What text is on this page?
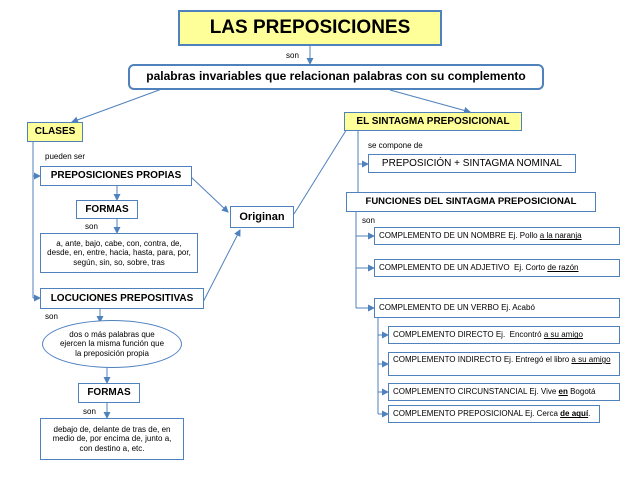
LAS PREPOSICIONES
son
palabras invariables que relacionan palabras con su complemento
CLASES
pueden ser
PREPOSICIONES PROPIAS
FORMAS
son
a, ante, bajo, cabe, con, contra, de, desde, en, entre, hacia, hasta, para, por, según, sin, so, sobre, tras
LOCUCIONES PREPOSITIVAS
son
dos o más palabras que ejercen la misma función que la preposición propia
FORMAS
son
debajo de, delante de tras de, en medio de, por encima de, junto a, con destino a, etc.
Originan
EL SINTAGMA PREPOSICIONAL
se compone de
PREPOSICIÓN + SINTAGMA NOMINAL
FUNCIONES DEL SINTAGMA PREPOSICIONAL
son
COMPLEMENTO DE UN NOMBRE Ej. Pollo a la naranja
COMPLEMENTO DE UN ADJETIVO  Ej. Corto de razón
COMPLEMENTO DE UN VERBO Ej. Acabó
COMPLEMENTO DIRECTO Ej.  Encontró a su amigo
COMPLEMENTO INDIRECTO Ej. Entregó el libro a su amigo
COMPLEMENTO CIRCUNSTANCIAL Ej. Vive en Bogotá
COMPLEMENTO PREPOSICIONAL Ej. Cerca de aquí .
